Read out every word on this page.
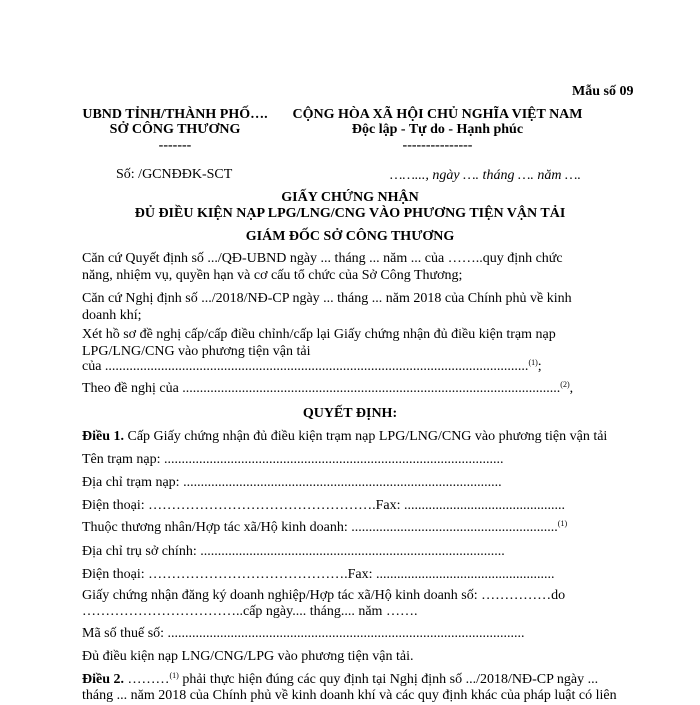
Mẫu số 09
UBND TỈNH/THÀNH PHỐ….
SỞ CÔNG THƯƠNG
-------
CỘNG HÒA XÃ HỘI CHỦ NGHĨA VIỆT NAM
Độc lập - Tự do - Hạnh phúc
---------------
Số: /GCNĐĐK-SCT	……..., ngày …. tháng …. năm ….
GIẤY CHỨNG NHẬN
ĐỦ ĐIỀU KIỆN NẠP LPG/LNG/CNG VÀO PHƯƠNG TIỆN VẬN TẢI
GIÁM ĐỐC SỞ CÔNG THƯƠNG
Căn cứ Quyết định số .../QĐ-UBND ngày ... tháng ... năm ... của ……..quy định chức năng, nhiệm vụ, quyền hạn và cơ cấu tổ chức của Sở Công Thương;
Căn cứ Nghị định số .../2018/NĐ-CP ngày ... tháng ... năm 2018 của Chính phủ về kinh doanh khí;
Xét hồ sơ đề nghị cấp/cấp điều chỉnh/cấp lại Giấy chứng nhận đủ điều kiện trạm nạp LPG/LNG/CNG vào phương tiện vận tải
của .........................................................................................................................$^{(1)}$;
Theo đề nghị của ............................................................................................................$^{(2)}$,
QUYẾT ĐỊNH:
Điều 1. Cấp Giấy chứng nhận đủ điều kiện trạm nạp LPG/LNG/CNG vào phương tiện vận tải
Tên trạm nạp: .................................................................................................
Địa chỉ trạm nạp: ...........................................................................................
Điện thoại: ………………………………………….Fax: ..............................................
Thuộc thương nhân/Hợp tác xã/Hộ kinh doanh: ...........................................................$^{(1)}$
Địa chỉ trụ sở chính: .......................................................................................
Điện thoại: …………………………………….Fax: ...................................................
Giấy chứng nhận đăng ký doanh nghiệp/Hợp tác xã/Hộ kinh doanh số: ……………do
……………………………..cấp ngày.... tháng.... năm …….
Mã số thuế số: ......................................................................................................
Đủ điều kiện nạp LNG/CNG/LPG vào phương tiện vận tải.
Điều 2. ………$^{(1)}$ phải thực hiện đúng các quy định tại Nghị định số .../2018/NĐ-CP ngày ...
tháng ... năm 2018 của Chính phủ về kinh doanh khí và các quy định khác của pháp luật có liên
